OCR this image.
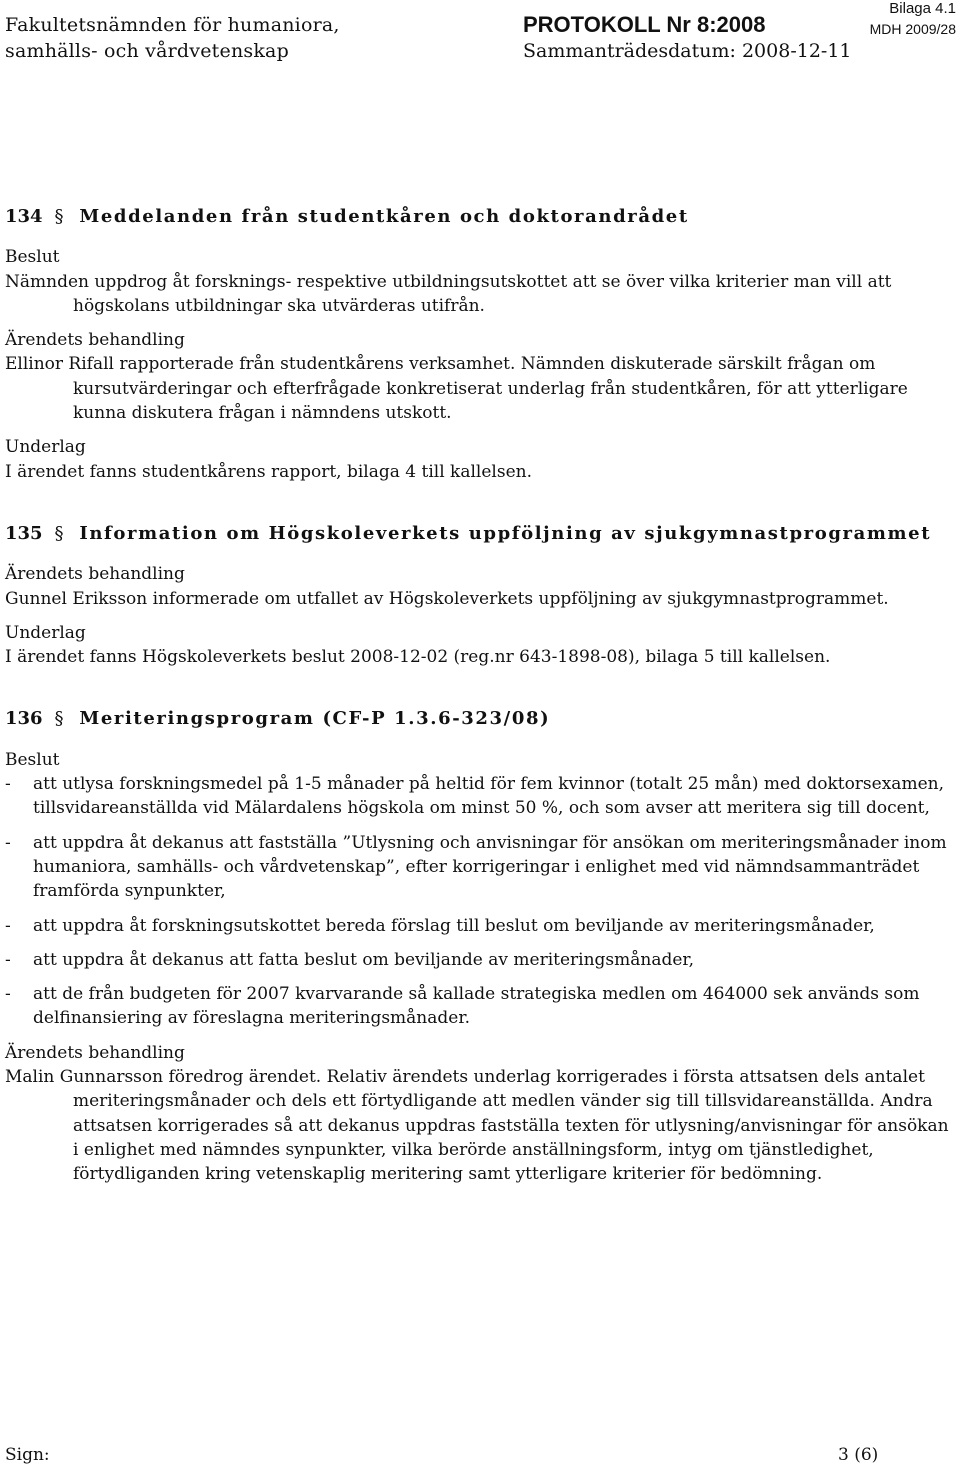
Fakultetsnämnden för humaniora,
samhälls- och vårdvetenskap
PROTOKOLL Nr 8:2008
Sammanträdesdatum: 2008-12-11
Bilaga 4.1
MDH 2009/28

134 § Meddelanden från studentkåren och doktorandrådet

Beslut

Nämnden uppdrog åt forsknings- respektive utbildningsutskottet att se över vilka kriterier man vill att högskolans utbildningar ska utvärderas utifrån.

Ärendets behandling

Ellinor Rifall rapporterade från studentkårens verksamhet. Nämnden diskuterade särskilt frågan om kursutvärderingar och efterfrågade konkretiserat underlag från studentkåren, för att ytterligare kunna diskutera frågan i nämndens utskott.

Underlag

I ärendet fanns studentkårens rapport, bilaga 4 till kallelsen.

135 § Information om Högskoleverkets uppföljning av sjukgymnastprogrammet

Ärendets behandling

Gunnel Eriksson informerade om utfallet av Högskoleverkets uppföljning av sjukgymnastprogrammet.

Underlag

I ärendet fanns Högskoleverkets beslut 2008-12-02 (reg.nr 643-1898-08), bilaga 5 till kallelsen.

136 § Meriteringsprogram (CF-P 1.3.6-323/08)

Beslut

- att utlysa forskningsmedel på 1-5 månader på heltid för fem kvinnor (totalt 25 mån) med doktorsexamen, tillsvidareanställda vid Mälardalens högskola om minst 50 %, och som avser att meritera sig till docent,

- att uppdra åt dekanus att fastställa ”Utlysning och anvisningar för ansökan om meriteringsmånader inom humaniora, samhälls- och vårdvetenskap”, efter korrigeringar i enlighet med vid nämndsammanträdet framförda synpunkter,

- att uppdra åt forskningsutskottet bereda förslag till beslut om beviljande av meriteringsmånader,

- att uppdra åt dekanus att fatta beslut om beviljande av meriteringsmånader,

- att de från budgeten för 2007 kvarvarande så kallade strategiska medlen om 464000 sek används som delfinansiering av föreslagna meriteringsmånader.

Ärendets behandling

Malin Gunnarsson föredrog ärendet. Relativ ärendets underlag korrigerades i första attsatsen dels antalet meriteringsmånader och dels ett förtydligande att medlen vänder sig till tillsvidareanställda. Andra attsatsen korrigerades så att dekanus uppdras fastställa texten för utlysning/anvisningar för ansökan i enlighet med nämndes synpunkter, vilka berörde anställningsform, intyg om tjänstledighet, förtydliganden kring vetenskaplig meritering samt ytterligare kriterier för bedömning.

Sign:	3 (6)
